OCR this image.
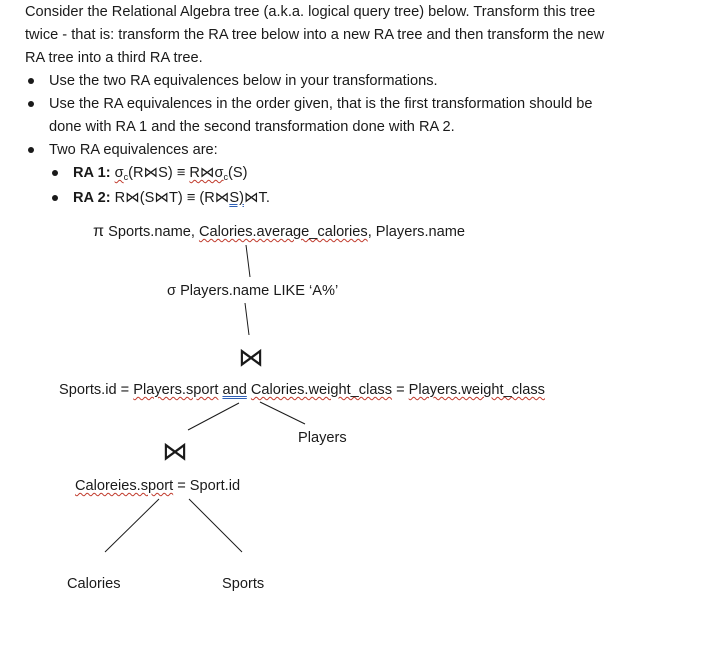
Consider the Relational Algebra tree (a.k.a. logical query tree) below. Transform this tree
twice - that is: transform the RA tree below into a new RA tree and then transform the new
RA tree into a third RA tree.
Use the two RA equivalences below in your transformations.
Use the RA equivalences in the order given, that is the first transformation should be
done with RA 1 and the second transformation done with RA 2.
Two RA equivalences are:
RA 1: $\sigma_c(R⋈S)$ ≡ $R⋈\sigma_c(S)$
RA 2: R⋈(S⋈T) ≡ (R⋈S)⋈T.
π Sports.name, Calories.average_calories, Players.name
σ Players.name LIKE ‘A%’
⋈
Sports.id = Players.sport and Calories.weight_class = Players.weight_class
Players
⋈
Caloreies.sport = Sport.id
Calories	Sports
